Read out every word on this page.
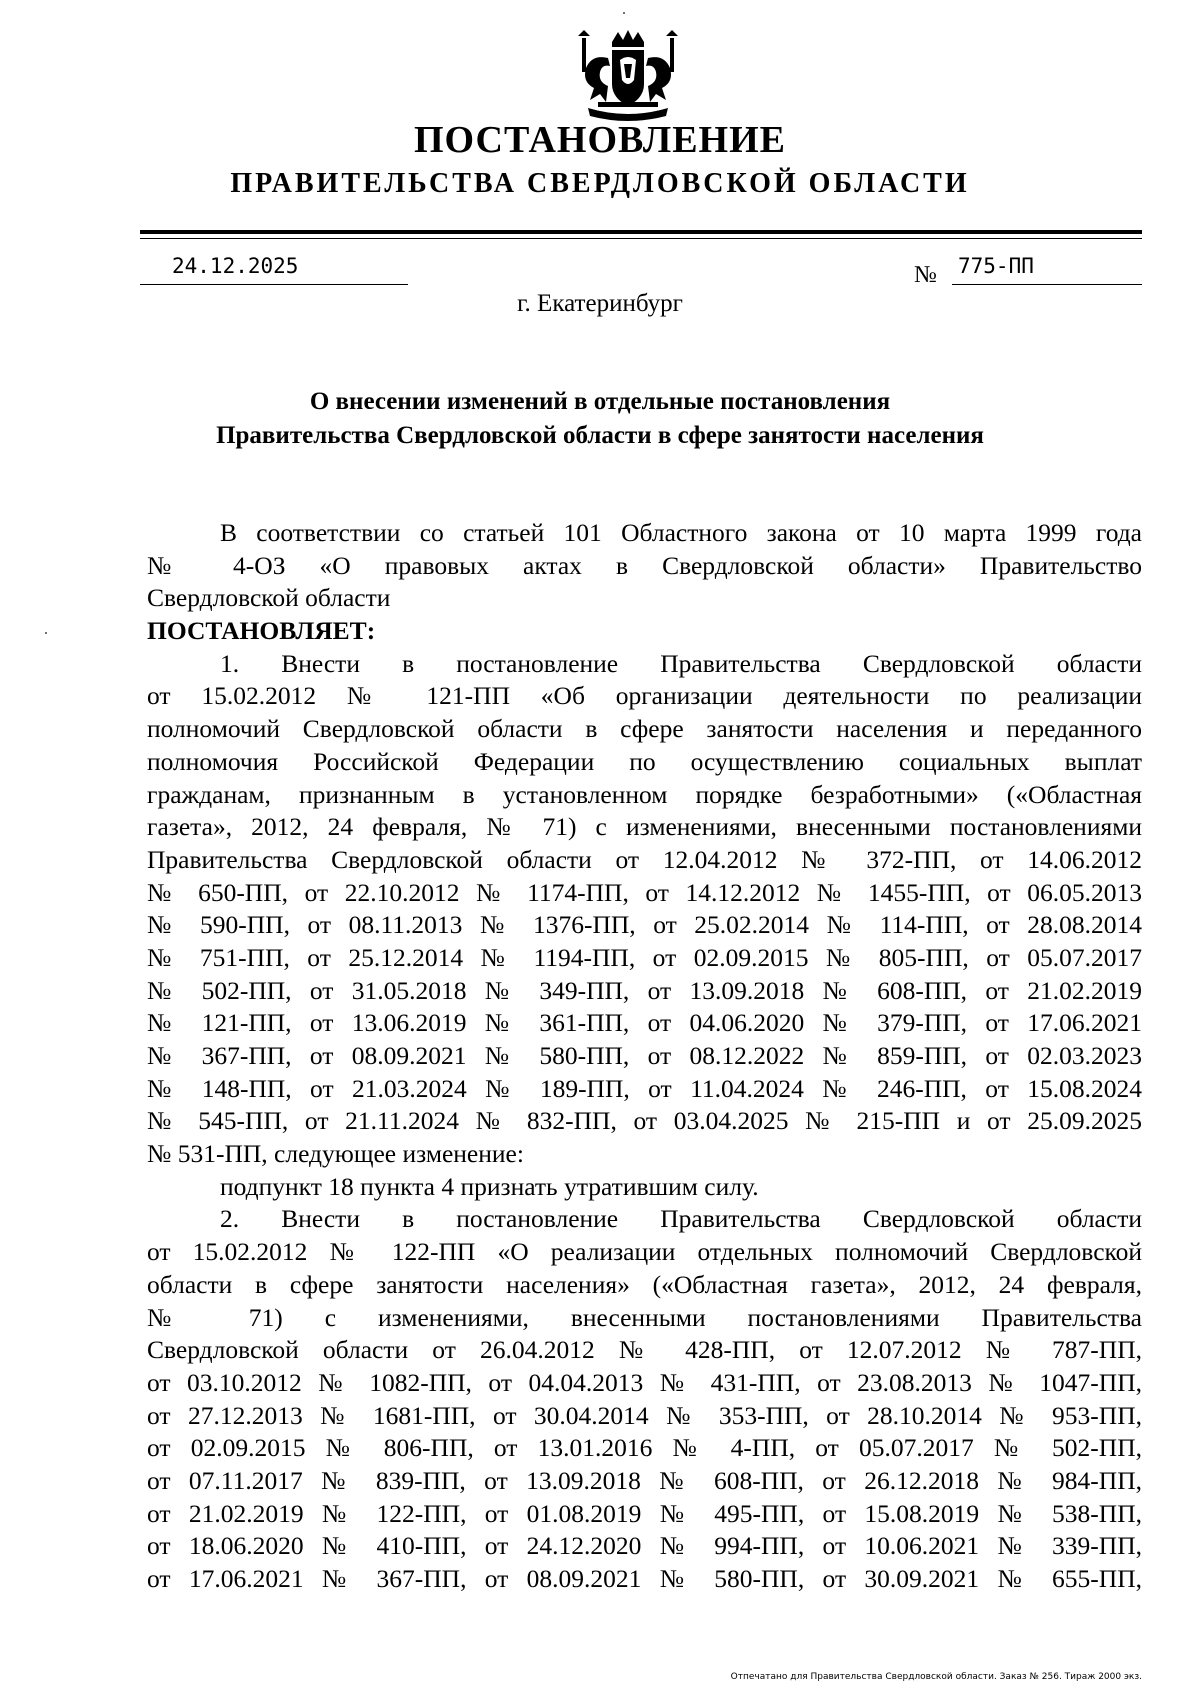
ПОСТАНОВЛЕНИЕ
ПРАВИТЕЛЬСТВА СВЕРДЛОВСКОЙ ОБЛАСТИ
24.12.2025	№ 775-ПП
г. Екатеринбург
О внесении изменений в отдельные постановления
Правительства Свердловской области в сфере занятости населения
В соответствии со статьей 101 Областного закона от 10 марта 1999 года
№ 4-ОЗ «О правовых актах в Свердловской области» Правительство
Свердловской области
ПОСТАНОВЛЯЕТ:
1. Внести в постановление Правительства Свердловской области
от 15.02.2012 № 121-ПП «Об организации деятельности по реализации
полномочий Свердловской области в сфере занятости населения и переданного
полномочия Российской Федерации по осуществлению социальных выплат
гражданам, признанным в установленном порядке безработными» («Областная
газета», 2012, 24 февраля, № 71) с изменениями, внесенными постановлениями
Правительства Свердловской области от 12.04.2012 № 372-ПП, от 14.06.2012
№ 650-ПП, от 22.10.2012 № 1174-ПП, от 14.12.2012 № 1455-ПП, от 06.05.2013
№ 590-ПП, от 08.11.2013 № 1376-ПП, от 25.02.2014 № 114-ПП, от 28.08.2014
№ 751-ПП, от 25.12.2014 № 1194-ПП, от 02.09.2015 № 805-ПП, от 05.07.2017
№ 502-ПП, от 31.05.2018 № 349-ПП, от 13.09.2018 № 608-ПП, от 21.02.2019
№ 121-ПП, от 13.06.2019 № 361-ПП, от 04.06.2020 № 379-ПП, от 17.06.2021
№ 367-ПП, от 08.09.2021 № 580-ПП, от 08.12.2022 № 859-ПП, от 02.03.2023
№ 148-ПП, от 21.03.2024 № 189-ПП, от 11.04.2024 № 246-ПП, от 15.08.2024
№ 545-ПП, от 21.11.2024 № 832-ПП, от 03.04.2025 № 215-ПП и от 25.09.2025
№ 531-ПП, следующее изменение:
подпункт 18 пункта 4 признать утратившим силу.
2. Внести в постановление Правительства Свердловской области
от 15.02.2012 № 122-ПП «О реализации отдельных полномочий Свердловской
области в сфере занятости населения» («Областная газета», 2012, 24 февраля,
№ 71) с изменениями, внесенными постановлениями Правительства
Свердловской области от 26.04.2012 № 428-ПП, от 12.07.2012 № 787-ПП,
от 03.10.2012 № 1082-ПП, от 04.04.2013 № 431-ПП, от 23.08.2013 № 1047-ПП,
от 27.12.2013 № 1681-ПП, от 30.04.2014 № 353-ПП, от 28.10.2014 № 953-ПП,
от 02.09.2015 № 806-ПП, от 13.01.2016 № 4-ПП, от 05.07.2017 № 502-ПП,
от 07.11.2017 № 839-ПП, от 13.09.2018 № 608-ПП, от 26.12.2018 № 984-ПП,
от 21.02.2019 № 122-ПП, от 01.08.2019 № 495-ПП, от 15.08.2019 № 538-ПП,
от 18.06.2020 № 410-ПП, от 24.12.2020 № 994-ПП, от 10.06.2021 № 339-ПП,
от 17.06.2021 № 367-ПП, от 08.09.2021 № 580-ПП, от 30.09.2021 № 655-ПП,
Отпечатано для Правительства Свердловской области. Заказ № 256. Тираж 2000 экз.
